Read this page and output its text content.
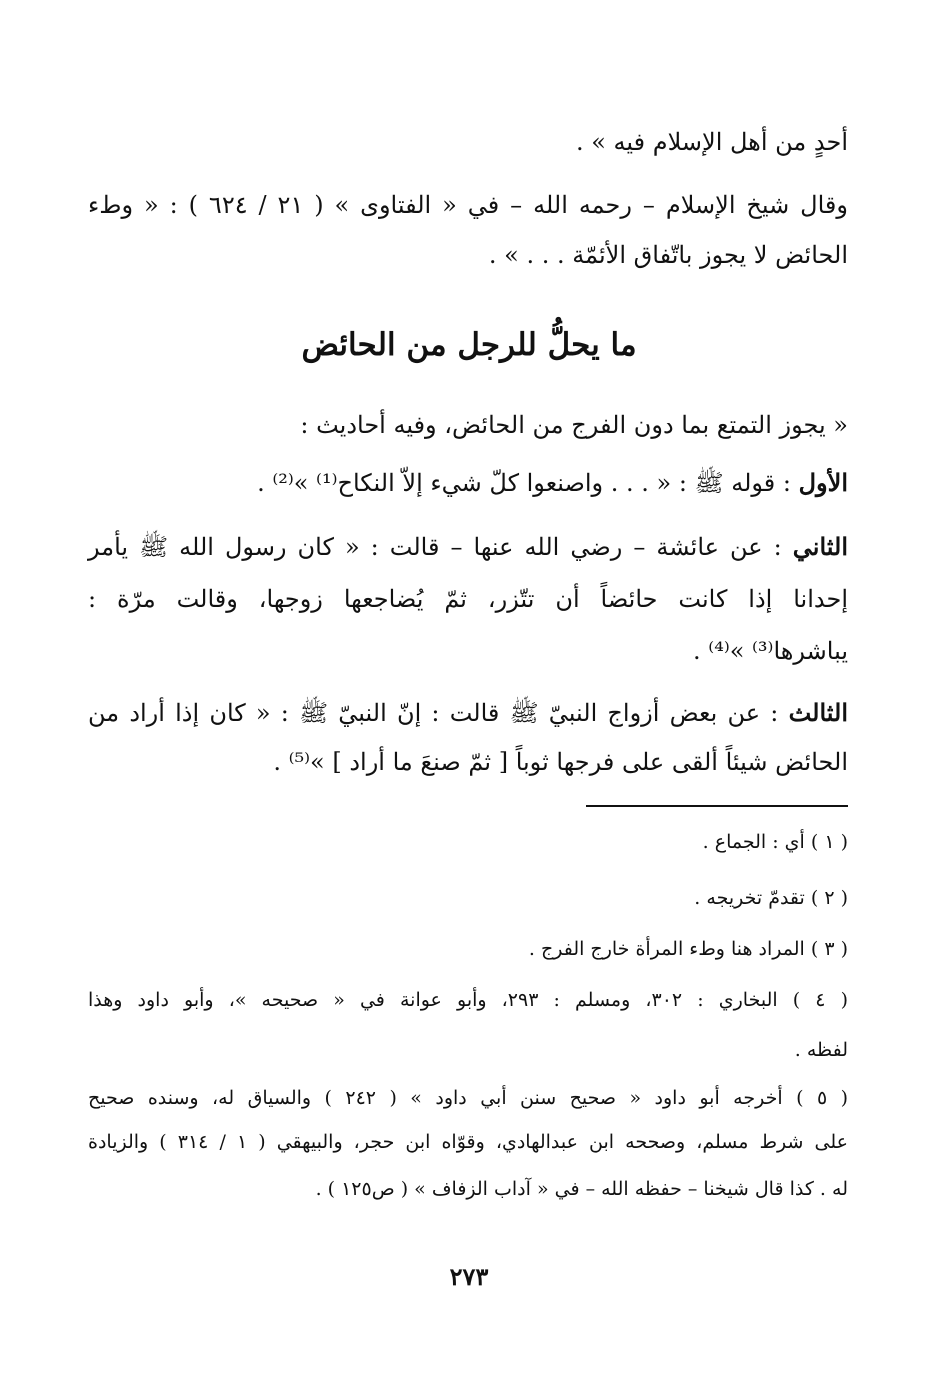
أحدٍ من أهل الإسلام فيه » .
وقال شيخ الإسلام – رحمه الله – في « الفتاوى » ( ٢١ / ٦٢٤ ) : « وطء
الحائض لا يجوز باتّفاق الأئمّة . . . » .
ما يحلُّ للرجل من الحائض
« يجوز التمتع بما دون الفرج من الحائض، وفيه أحاديث :
الأول : قوله ﷺ : « . . . واصنعوا كلّ شيء إلاّ النكاح⁽¹⁾ »⁽²⁾ .
الثاني : عن عائشة – رضي الله عنها – قالت : « كان رسول الله ﷺ يأمر
إحدانا إذا كانت حائضاً أن تتّزر، ثمّ يُضاجعها زوجها، وقالت مرّة :
يباشرها⁽³⁾ »⁽⁴⁾ .
الثالث : عن بعض أزواج النبيّ ﷺ قالت : إنّ النبيّ ﷺ : « كان إذا أراد من
الحائض شيئاً ألقى على فرجها ثوباً [ ثمّ صنعَ ما أراد ] »⁽⁵⁾ .
( ١ ) أي : الجماع .
( ٢ ) تقدمّ تخريجه .
( ٣ ) المراد هنا وطء المرأة خارج الفرج .
( ٤ ) البخاري : ٣٠٢، ومسلم : ٢٩٣، وأبو عوانة في « صحيحه »، وأبو داود وهذا
لفظه .
( ٥ ) أخرجه أبو داود « صحيح سنن أبي داود » ( ٢٤٢ ) والسياق له، وسنده صحيح
على شرط مسلم، وصححه ابن عبدالهادي، وقوّاه ابن حجر، والبيهقي ( ١ / ٣١٤ ) والزيادة
له . كذا قال شيخنا – حفظه الله – في « آداب الزفاف » ( ص١٢٥ ) .
٢٧٣
